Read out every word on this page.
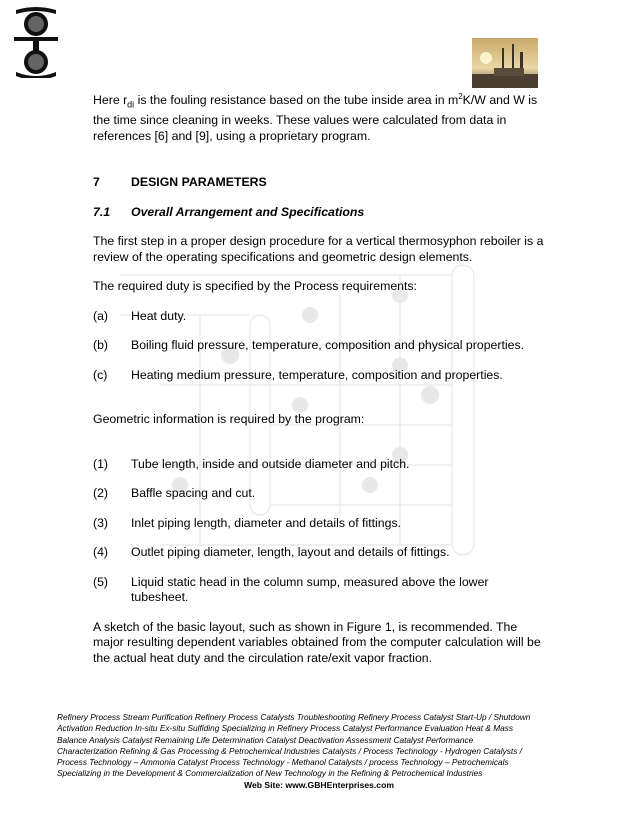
Here $r_{di}$ is the fouling resistance based on the tube inside area in $m^2K/W$ and W is the time since cleaning in weeks. These values were calculated from data in references [6] and [9], using a proprietary program.

7	DESIGN PARAMETERS
7.1	Overall Arrangement and Specifications

The first step in a proper design procedure for a vertical thermosyphon reboiler is a review of the operating specifications and geometric design elements.

The required duty is specified by the Process requirements:

(a)	Heat duty.
(b)	Boiling fluid pressure, temperature, composition and physical properties.
(c)	Heating medium pressure, temperature, composition and properties.

Geometric information is required by the program:

(1)	Tube length, inside and outside diameter and pitch.
(2)	Baffle spacing and cut.
(3)	Inlet piping length, diameter and details of fittings.
(4)	Outlet piping diameter, length, layout and details of fittings.
(5)	Liquid static head in the column sump, measured above the lower tubesheet.

A sketch of the basic layout, such as shown in Figure 1, is recommended. The major resulting dependent variables obtained from the computer calculation will be the actual heat duty and the circulation rate/exit vapor fraction.

Refinery Process Stream Purification Refinery Process Catalysts Troubleshooting Refinery Process Catalyst Start-Up / Shutdown
Activation Reduction In-situ Ex-situ Sulfiding Specializing in Refinery Process Catalyst Performance Evaluation Heat & Mass
Balance Analysis Catalyst Remaining Life Determination Catalyst Deactivation Assessment Catalyst Performance
Characterization Refining & Gas Processing & Petrochemical Industries Catalysts / Process Technology - Hydrogen Catalysts /
Process Technology – Ammonia Catalyst Process Technology - Methanol Catalysts / process Technology – Petrochemicals
Specializing in the Development & Commercialization of New Technology in the Refining & Petrochemical Industries
Web Site: www.GBHEnterprises.com
